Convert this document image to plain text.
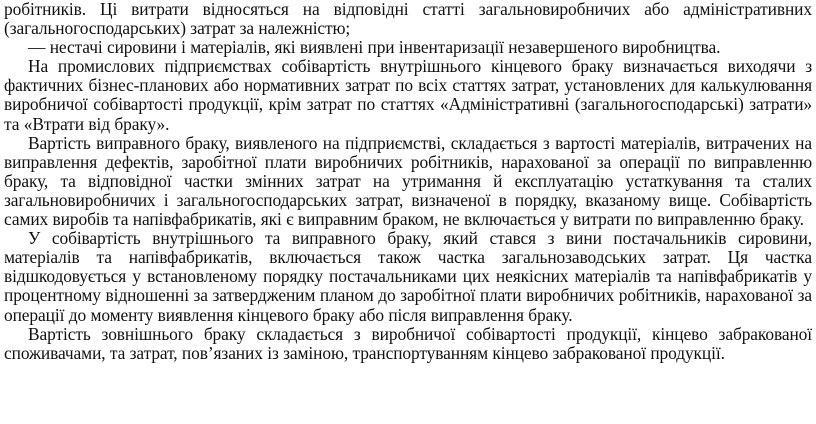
робітників. Ці витрати відносяться на відповідні статті загальновиробничих або адміністративних (загальногосподарських) затрат за належністю;

— нестачі сировини і матеріалів, які виявлені при інвентаризації незавершеного виробництва.

На промислових підприємствах собівартість внутрішнього кінцевого браку визначається виходячи з фактичних бізнес-планових або нормативних затрат по всіх статтях затрат, установлених для калькулювання виробничої собівартості продукції, крім затрат по статтях «Адміністративні (загальногосподарські) затрати» та «Втрати від браку».

Вартість виправного браку, виявленого на підприємстві, складається з вартості матеріалів, витрачених на виправлення дефектів, заробітної плати виробничих робітників, нарахованої за операції по виправленню браку, та відповідної частки змінних затрат на утримання й експлуатацію устаткування та сталих загальновиробничих і загальногосподарських затрат, визначеної в порядку, вказаному вище. Собівартість самих виробів та напівфабрикатів, які є виправним браком, не включається у витрати по виправленню браку.

У собівартість внутрішнього та виправного браку, який стався з вини постачальників сировини, матеріалів та напівфабрикатів, включається також частка загальнозаводських затрат. Ця частка відшкодовується у встановленому порядку постачальниками цих неякісних матеріалів та напівфабрикатів у процентному відношенні за затвердженим планом до заробітної плати виробничих робітників, нарахованої за операції до моменту виявлення кінцевого браку або після виправлення браку.

Вартість зовнішнього браку складається з виробничої собівартості продукції, кінцево забракованої споживачами, та затрат, пов’язаних із заміною, транспортуванням кінцево забракованої продукції.
